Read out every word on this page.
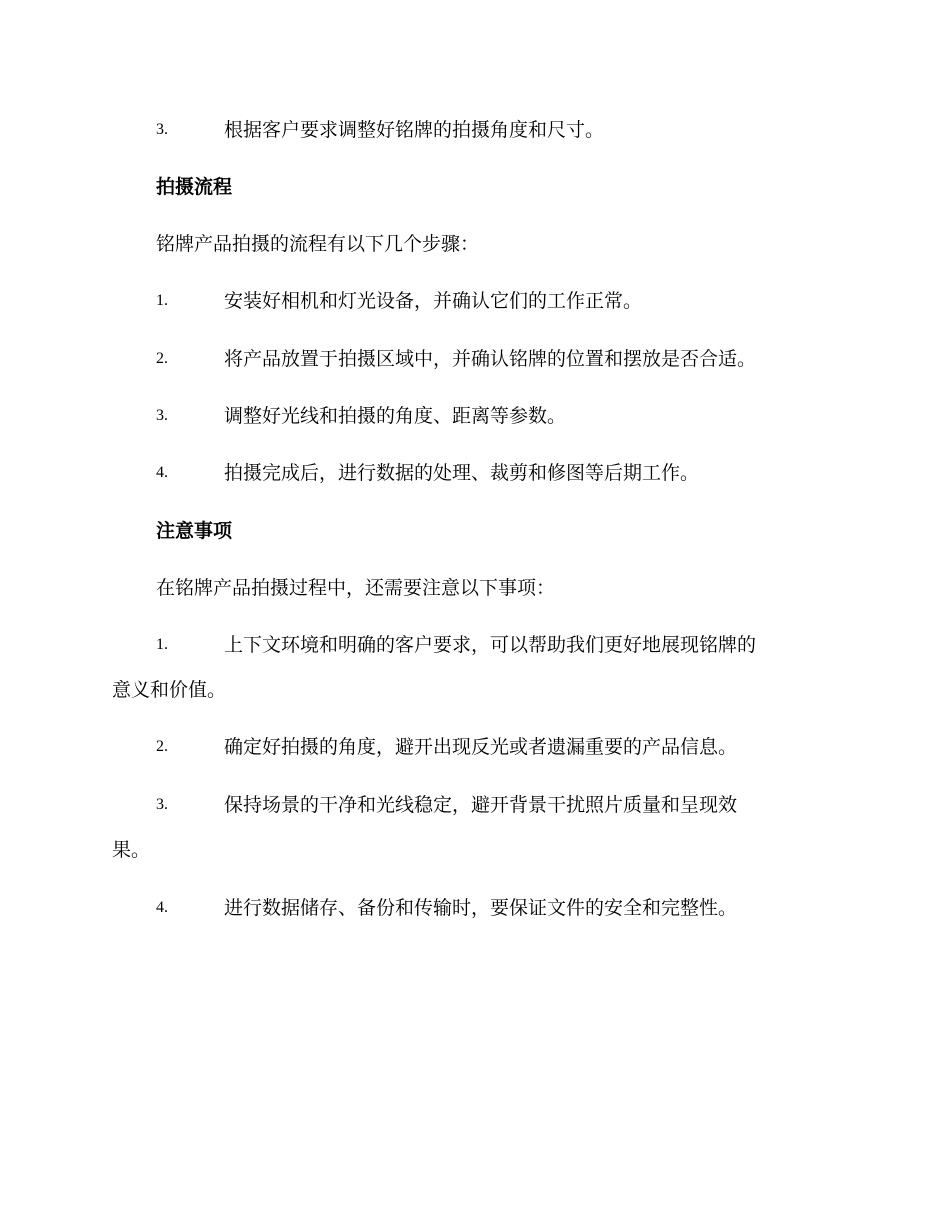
3.	根据客户要求调整好铭牌的拍摄角度和尺寸。
拍摄流程
铭牌产品拍摄的流程有以下几个步骤：
1.	安装好相机和灯光设备，并确认它们的工作正常。
2.	将产品放置于拍摄区域中，并确认铭牌的位置和摆放是否合适。
3.	调整好光线和拍摄的角度、距离等参数。
4.	拍摄完成后，进行数据的处理、裁剪和修图等后期工作。
注意事项
在铭牌产品拍摄过程中，还需要注意以下事项：
1.	上下文环境和明确的客户要求，可以帮助我们更好地展现铭牌的
意义和价值。
2.	确定好拍摄的角度，避开出现反光或者遗漏重要的产品信息。
3.	保持场景的干净和光线稳定，避开背景干扰照片质量和呈现效
果。
4.	进行数据储存、备份和传输时，要保证文件的安全和完整性。
